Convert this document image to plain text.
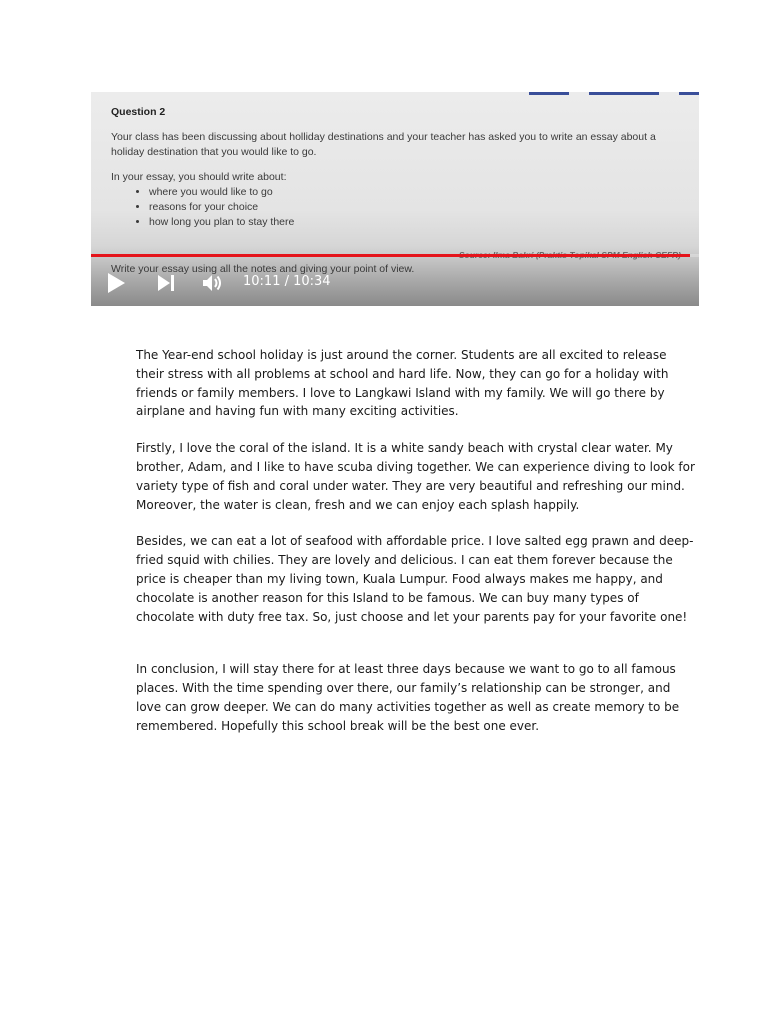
Question 2

Your class has been discussing about holliday destinations and your teacher has asked you to write an essay about a holiday destination that you would like to go.

In your essay, you should write about:

• where you would like to go
• reasons for your choice
• how long you plan to stay there
Write your essay using all the notes and giving your point of view.
10:11 / 10:34

The Year-end school holiday is just around the corner. Students are all excited to release their stress with all problems at school and hard life. Now, they can go for a holiday with friends or family members. I love to Langkawi Island with my family. We will go there by airplane and having fun with many exciting activities.

Firstly, I love the coral of the island. It is a white sandy beach with crystal clear water. My brother, Adam, and I like to have scuba diving together. We can experience diving to look for variety type of fish and coral under water. They are very beautiful and refreshing our mind. Moreover, the water is clean, fresh and we can enjoy each splash happily.

Besides, we can eat a lot of seafood with affordable price. I love salted egg prawn and deep-fried squid with chilies. They are lovely and delicious. I can eat them forever because the price is cheaper than my living town, Kuala Lumpur. Food always makes me happy, and chocolate is another reason for this Island to be famous. We can buy many types of chocolate with duty free tax. So, just choose and let your parents pay for your favorite one!

In conclusion, I will stay there for at least three days because we want to go to all famous places. With the time spending over there, our family’s relationship can be stronger, and love can grow deeper. We can do many activities together as well as create memory to be remembered. Hopefully this school break will be the best one ever.
